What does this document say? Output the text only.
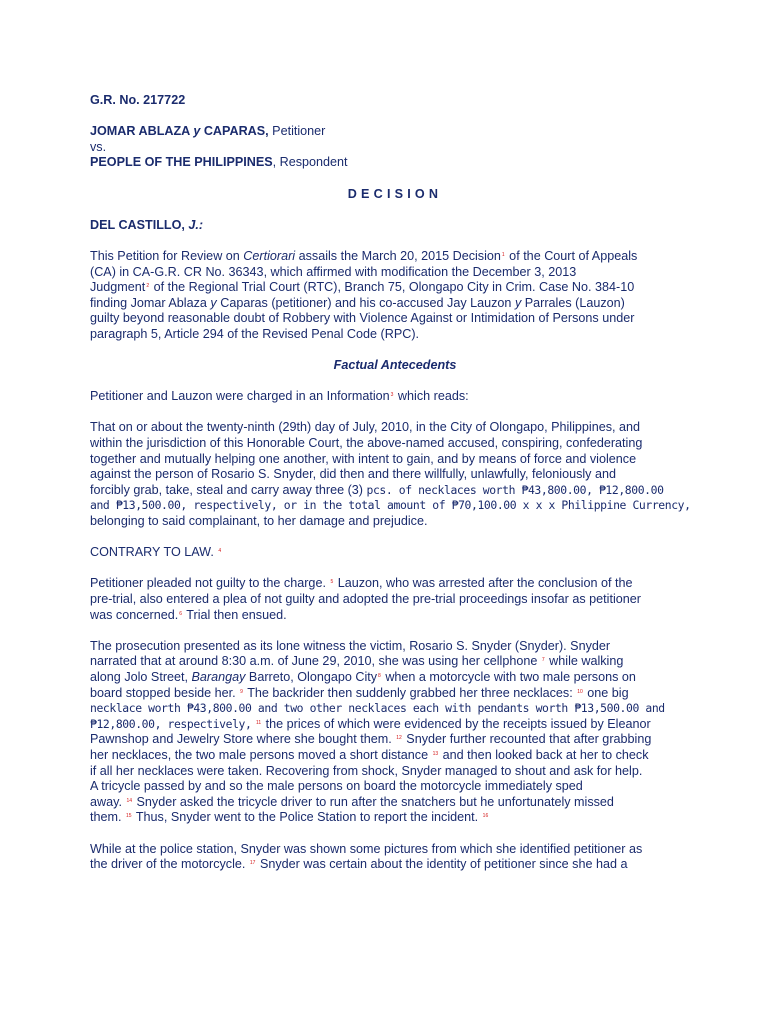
G.R. No. 217722
JOMAR ABLAZA y CAPARAS, Petitioner
vs.
PEOPLE OF THE PHILIPPINES, Respondent
DECISION
DEL CASTILLO, J.:
This Petition for Review on Certiorari assails the March 20, 2015 Decision$^1$ of the Court of Appeals
(CA) in CA-G.R. CR No. 36343, which affirmed with modification the December 3, 2013
Judgment$^2$ of the Regional Trial Court (RTC), Branch 75, Olongapo City in Crim. Case No. 384-10
finding Jomar Ablaza y Caparas (petitioner) and his co-accused Jay Lauzon y Parrales (Lauzon)
guilty beyond reasonable doubt of Robbery with Violence Against or Intimidation of Persons under
paragraph 5, Article 294 of the Revised Penal Code (RPC).
Factual Antecedents
Petitioner and Lauzon were charged in an Information$^3$ which reads:
That on or about the twenty-ninth (29th) day of July, 2010, in the City of Olongapo, Philippines, and
within the jurisdiction of this Honorable Court, the above-named accused, conspiring, confederating
together and mutually helping one another, with intent to gain, and by means of force and violence
against the person of Rosario S. Snyder, did then and there willfully, unlawfully, feloniously and
forcibly grab, take, steal and carry away three (3) pcs. of necklaces worth ₱43,800.00, ₱12,800.00
and ₱13,500.00, respectively, or in the total amount of ₱70,100.00 x x x Philippine Currency,
belonging to said complainant, to her damage and prejudice.
CONTRARY TO LAW. $^4$
Petitioner pleaded not guilty to the charge. $^5$ Lauzon, who was arrested after the conclusion of the
pre-trial, also entered a plea of not guilty and adopted the pre-trial proceedings insofar as petitioner
was concerned.$^6$ Trial then ensued.
The prosecution presented as its lone witness the victim, Rosario S. Snyder (Snyder). Snyder
narrated that at around 8:30 a.m. of June 29, 2010, she was using her cellphone $^7$ while walking
along Jolo Street, Barangay Barreto, Olongapo City$^8$ when a motorcycle with two male persons on
board stopped beside her. $^9$ The backrider then suddenly grabbed her three necklaces: $^{10}$ one big
necklace worth ₱43,800.00 and two other necklaces each with pendants worth ₱13,500.00 and
₱12,800.00, respectively, $^{11}$ the prices of which were evidenced by the receipts issued by Eleanor
Pawnshop and Jewelry Store where she bought them. $^{12}$ Snyder further recounted that after grabbing
her necklaces, the two male persons moved a short distance $^{13}$ and then looked back at her to check
if all her necklaces were taken. Recovering from shock, Snyder managed to shout and ask for help.
A tricycle passed by and so the male persons on board the motorcycle immediately sped
away. $^{14}$ Snyder asked the tricycle driver to run after the snatchers but he unfortunately missed
them. $^{15}$ Thus, Snyder went to the Police Station to report the incident. $^{16}$
While at the police station, Snyder was shown some pictures from which she identified petitioner as
the driver of the motorcycle. $^{17}$ Snyder was certain about the identity of petitioner since she had a
